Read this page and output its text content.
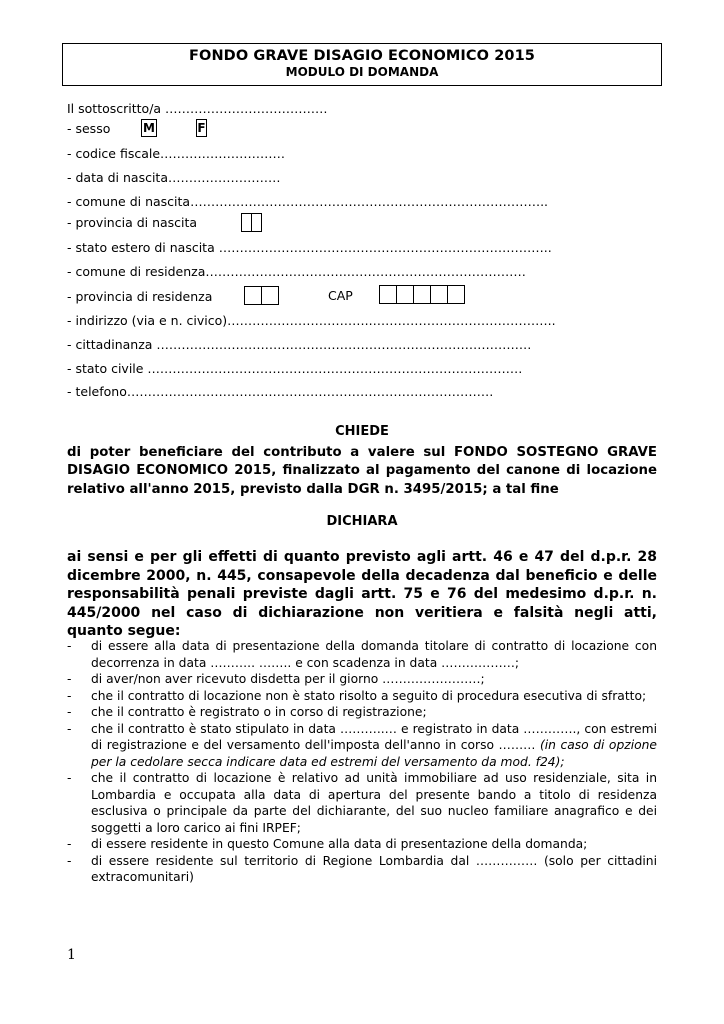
FONDO GRAVE DISAGIO ECONOMICO 2015
MODULO DI DOMANDA
Il sottoscritto/a …………………………………
- sesso	M	F
- codice fiscale…………………………
- data di nascita………………………
- comune di nascita…………………………………………………………………………..
- provincia di nascita
- stato estero di nascita ……………………………………………………………………..
- comune di residenza……………………………..……………………………………
- provincia di residenza	CAP
- indirizzo (via e n. civico)……………………………..……………………………………..
- cittadinanza ………………………………………………………………………………
- stato civile ………………………………………………………………………………
- telefono…………………………….………………………………………………
CHIEDE
di poter beneficiare del contributo a valere sul FONDO SOSTEGNO GRAVE DISAGIO ECONOMICO 2015, finalizzato al pagamento del canone di locazione relativo all'anno 2015, previsto dalla DGR n. 3495/2015; a tal fine
DICHIARA
ai sensi e per gli effetti di quanto previsto agli artt. 46 e 47 del d.p.r. 28 dicembre 2000, n. 445, consapevole della decadenza dal beneficio e delle responsabilità penali previste dagli artt. 75 e 76 del medesimo d.p.r. n. 445/2000 nel caso di dichiarazione non veritiera e falsità negli atti, quanto segue:
- di essere alla data di presentazione della domanda titolare di contratto di locazione con decorrenza in data ……….. …….. e con scadenza in data ………………;
- di aver/non aver ricevuto disdetta per il giorno ……………………;
- che il contratto di locazione non è stato risolto a seguito di procedura esecutiva di sfratto;
- che il contratto è registrato o in corso di registrazione;
- che il contratto è stato stipulato in data ………..… e registrato in data …………., con estremi di registrazione e del versamento dell'imposta dell'anno in corso ……… (in caso di opzione per la cedolare secca indicare data ed estremi del versamento da mod. f24);
- che il contratto di locazione è relativo ad unità immobiliare ad uso residenziale, sita in Lombardia e occupata alla data di apertura del presente bando a titolo di residenza esclusiva o principale da parte del dichiarante, del suo nucleo familiare anagrafico e dei soggetti a loro carico ai fini IRPEF;
- di essere residente in questo Comune alla data di presentazione della domanda;
- di essere residente sul territorio di Regione Lombardia dal …………… (solo per cittadini extracomunitari)
1
